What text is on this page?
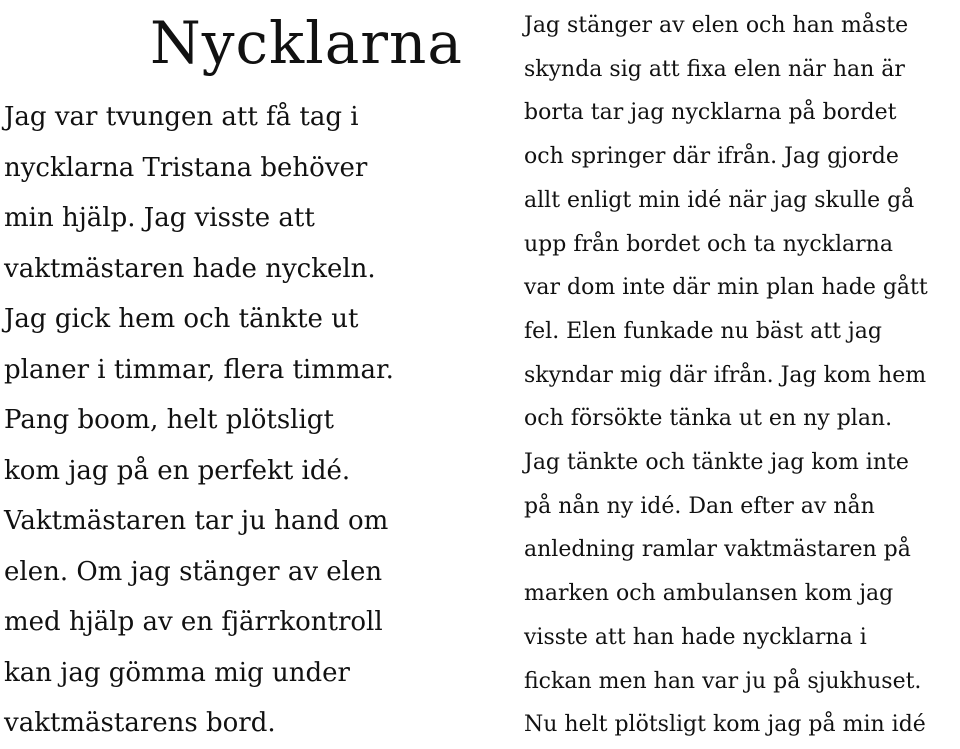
Nycklarna
Jag var tvungen att få tag i
nycklarna Tristana behöver
min hjälp. Jag visste att
vaktmästaren hade nyckeln.
Jag gick hem och tänkte ut
planer i timmar, flera timmar.
Pang boom, helt plötsligt
kom jag på en perfekt idé.
Vaktmästaren tar ju hand om
elen. Om jag stänger av elen
med hjälp av en fjärrkontroll
kan jag gömma mig under
vaktmästarens bord.
Jag stänger av elen och han måste
skynda sig att fixa elen när han är
borta tar jag nycklarna på bordet
och springer där ifrån. Jag gjorde
allt enligt min idé när jag skulle gå
upp från bordet och ta nycklarna
var dom inte där min plan hade gått
fel. Elen funkade nu bäst att jag
skyndar mig där ifrån. Jag kom hem
och försökte tänka ut en ny plan.
Jag tänkte och tänkte jag kom inte
på nån ny idé. Dan efter av nån
anledning ramlar vaktmästaren på
marken och ambulansen kom jag
visste att han hade nycklarna i
fickan men han var ju på sjukhuset.
Nu helt plötsligt kom jag på min idé
